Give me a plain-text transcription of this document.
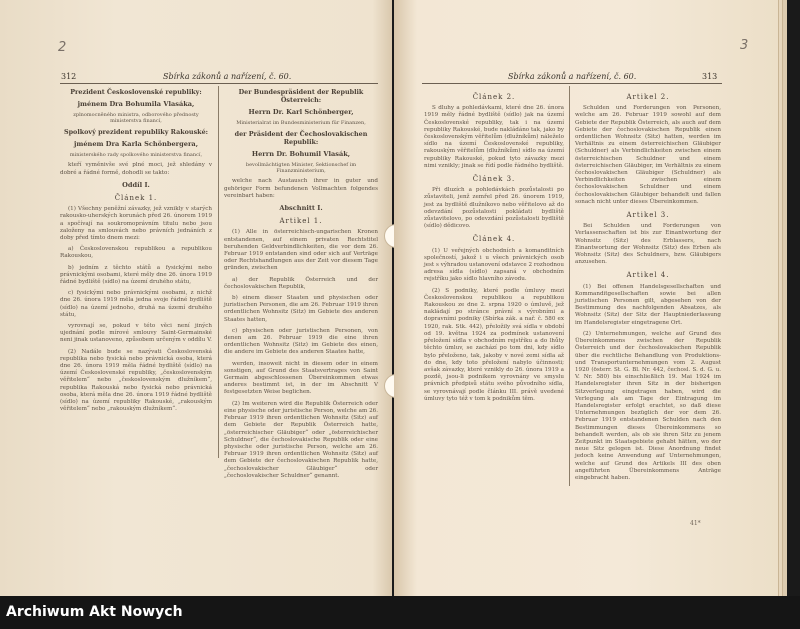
2
312	Sbírka zákonů a nařízení, č. 60.

Prezident Československé republiky:

jménem Dra Bohumila Vlasáka,

zplnomocněného ministra, odborového přednosty ministerstva financí,

Spolkový prezident republiky Rakouské:

jménem Dra Karla Schönbergera,

ministerského rady spolkového ministerstva financí,

kteří vyměnivše své plné moci, jež shledány v dobré a řádné formě, dohodli se takto:

Oddíl I.

Článek 1.

(1) Všechny peněžní závazky, jež vznikly v starých rakousko-uherských korunách před 26. únorem 1919 a spočívají na soukromoprávním titulu nebo jsou založeny na smlouvách nebo právních jednáních z doby před tímto dnem mezi:

a) Československou republikou a republikou Rakouskou,

b) jedním z těchto států a fysickými nebo právnickými osobami, které měly dne 26. února 1919 řádné bydliště (sídlo) na území druhého státu,

c) fysickými nebo právnickými osobami, z nichž dne 26. února 1919 měla jedna svoje řádné bydliště (sídlo) na území jednoho, druhá na území druhého státu,

vyrovnají se, pokud v této věci není jiných ujednání podle mírové smlouvy Saint-Germainské neni jinak ustanoveno, způsobem určeným v oddílu V.

(2) Nadále bude se nazývati Československá republika nebo fysická nebo právnická osoba, která dne 26. února 1919 měla řádné bydliště (sídlo) na území Československé republiky, „československým věřitelem“ nebo „československým dlužníkem“, republika Rakouská nebo fysická nebo právnická osoba, která měla dne 26. února 1919 řádné bydliště (sídlo) na území republiky Rakouské, „rakouským věřitelem“ nebo „rakouským dlužníkem“.

Der Bundespräsident der Republik Österreich:

Herrn Dr. Karl Schönberger,

Ministerialrat im Bundesministerium für Finanzen,

der Präsident der Čechoslovakischen Republik:

Herrn Dr. Bohumil Vlasák,

bevollmächtigten Minister, Sektionschef im Finanzministerium,

welche nach Austausch ihrer in guter und gehöriger Form befundenen Vollmachten folgendes vereinbart haben:

Abschnitt I.

Artikel 1.

(1) Alle in österreichisch-ungarischen Kronen entstandenen, auf einem privaten Rechtstitel beruhenden Geldverbindlichkeiten, die vor dem 26. Februar 1919 entstanden sind oder sich auf Verträge oder Rechtshandlungen aus der Zeit vor diesem Tage gründen, zwischen

a) der Republik Österreich und der čechoslovakischen Republik,

b) einem dieser Staaten und physischen oder juristischen Personen, die am 26. Februar 1919 ihren ordentlichen Wohnsitz (Sitz) im Gebiete des anderen Staates hatten,

c) physischen oder juristischen Personen, von denen am 26. Februar 1919 die eine ihren ordentlichen Wohnsitz (Sitz) im Gebiete des einen, die andere im Gebiete des anderen Staates hatte,

werden, insoweit nicht in diesem oder in einem sonstigen, auf Grund des Staatsvertrages von Saint Germain abgeschlossenen Übereinkommen etwas anderes bestimmt ist, in der im Abschnitt V festgesetzten Weise beglichen.

(2) Im weiteren wird die Republik Österreich oder eine physische oder juristische Person, welche am 26. Februar 1919 ihren ordentlichen Wohnsitz (Sitz) auf dem Gebiete der Republik Österreich hatte, „österreichischer Gläubiger“ oder „österreichischer Schuldner“, die čechoslovakische Republik oder eine physische oder juristische Person, welche am 26. Februar 1919 ihren ordentlichen Wohnsitz (Sitz) auf dem Gebiete der čechoslovakischen Republik hatte, „čechoslovakischer Gläubiger“ oder „čechoslovakischer Schuldner“ genannt.

3
Sbírka zákonů a nařízení, č. 60.	313

Článek 2.

S dluhy a pohledávkami, které dne 26. února 1919 měly řádné bydliště (sídlo) jak na území Československé republiky, tak i na území republiky Rakouské, bude nakládáno tak, jako by československým věřitelům (dlužníkům) náleželo sídlo na území Československé republiky, rakouským věřitelům (dlužníkům) sídlo na území republiky Rakouské, pokud tyto závazky mezi nimi vznikly; jinak se řídí podle řádného bydliště.

Článek 3.

Při dluzích a pohledávkách pozůstalosti po zůstaviteli, jenž zemřel před 26. únorem 1919, jest za bydliště dlužníkovo nebo věřitelovo až do odevzdání pozůstalosti pokládati bydliště zůstavitelovo, po odevzdání pozůstalosti bydliště (sídlo) dědicovo.

Článek 4.

(1) U veřejných obchodních a komanditních společností, jakož i u všech právnických osob jest s výhradou ustanovení odstavce 2 rozhodnou adresa sídla (sídlo) zapsaná v obchodním rejstříku jako sídlo hlavního závodu.

(2) S podniky, které podle úmluvy mezi Československou republikou a republikou Rakouskou ze dne 2. srpna 1920 o úmluvě, jež nakládají po stránce právní s výrobními a dopravními podniky (Sbírka zák. a nař. č. 580 ex 1920, rak. Stk. 442), přeložily svá sídla v období od 19. května 1924 za podmínek ustanovení přeložení sídla v obchodním rejstříku a do lhůty těchto úmluv, se zachází po tom dni, kdy sídlo bylo přeloženo, tak, jakoby v nové zemi sídla až do dne, kdy toto přeložení nabylo účinnosti; avšak závazky, které vznikly do 26. února 1919 a pozdě, jsou-li podnikem vyrovnány ve smyslu právních předpisů státu svého původního sídla, se vyrovnávají podle článku III. právě uvedené úmluvy tyto též v tom k podnikům těm.

Artikel 2.

Schulden und Forderungen von Personen, welche am 26. Februar 1919 sowohl auf dem Gebiete der Republik Österreich, als auch auf dem Gebiete der čechoslovakischen Republik einen ordentlichen Wohnsitz (Sitz) hatten, werden im Verhältnis zu einem österreichischen Gläubiger (Schuldner) als Verbindlichkeiten zwischen einem österreichischen Schuldner und einem österreichischen Gläubiger, im Verhältnis zu einem čechoslovakischen Gläubiger (Schuldner) als Verbindlichkeiten zwischen einem čechoslovakischen Schuldner und einem čechoslovakischen Gläubiger behandelt und fallen sonach nicht unter dieses Übereinkommen.

Artikel 3.

Bei Schulden und Forderungen von Verlassenschaften ist bis zur Einantwortung der Wohnsitz (Sitz) des Erblassers, nach Einantwortung der Wohnsitz (Sitz) des Erben als Wohnsitz (Sitz) des Schuldners, bzw. Gläubigers anzusehen.

Artikel 4.

(1) Bei offenen Handelsgesellschaften und Kommanditgesellschaften sowie bei allen juristischen Personen gilt, abgesehen von der Bestimmung des nachfolgenden Absatzes, als Wohnsitz (Sitz) der Sitz der Hauptniederlassung im Handelsregister eingetragene Ort.

(2) Unternehmungen, welche auf Grund des Übereinkommens zwischen der Republik Österreich und der čechoslovakischen Republik über die rechtliche Behandlung von Produktions- und Transportunternehmungen vom 2. August 1920 (österr. St. G. Bl. Nr. 442, čechosl. S. d. G. u. V. Nr. 580) bis einschließlich 19. Mai 1924 im Handelsregister ihren Sitz in der bisherigen Sitzverlegung eingetragen haben, wird die Verlegung als am Tage der Eintragung im Handelsregister erfolgt erachtet, so daß diese Unternehmungen bezüglich der vor dem 26. Februar 1919 entstandenen Schulden nach den Bestimmungen dieses Übereinkommens so behandelt werden, als ob sie ihren Sitz zu jenem Zeitpunkt im Staatsgebiete gehabt hätten, wo der neue Sitz gelegen ist. Diese Anordnung findet jedoch keine Anwendung auf Unternehmungen, welche auf Grund des Artikels III des oben angeführten Übereinkommens Anträge eingebracht haben.

41*
Archiwum Akt Nowych
